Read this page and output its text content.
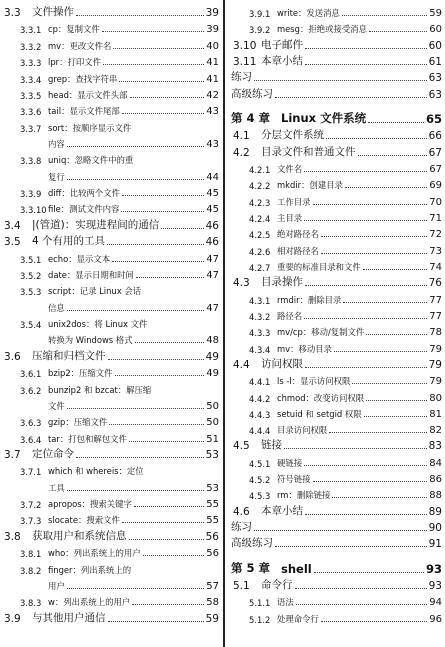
3.3	文件操作	39
3.3.1 cp：复制文件	39
3.3.2 mv：更改文件名	40
3.3.3 lpr：打印文件	41
3.3.4 grep：查找字符串	41
3.3.5 head：显示文件头部	42
3.3.6 tail：显示文件尾部	43
3.3.7 sort：按顺序显示文件
内容	43
3.3.8 uniq：忽略文件中的重
复行	44
3.3.9 diff：比较两个文件	45
3.3.10 file：测试文件内容	45
3.4	|(管道)：实现进程间的通信	46
3.5	4 个有用的工具	46
3.5.1 echo：显示文本	47
3.5.2 date：显示日期和时间	47
3.5.3 script：记录 Linux 会话
信息	47
3.5.4 unix2dos：将 Linux 文件
转换为 Windows 格式	48
3.6	压缩和归档文件	49
3.6.1 bzip2：压缩文件	49
3.6.2 bunzip2 和 bzcat：解压缩
文件	50
3.6.3 gzip：压缩文件	50
3.6.4 tar：打包和解包文件	51
3.7	定位命令	53
3.7.1 which 和 whereis：定位
工具	53
3.7.2 apropos：搜索关键字	55
3.7.3 slocate：搜索文件	55
3.8	获取用户和系统信息	56
3.8.1 who：列出系统上的用户	56
3.8.2 finger：列出系统上的
用户	57
3.8.3 w：列出系统上的用户	58
3.9	与其他用户通信	59
3.9.1 write：发送消息	59
3.9.2 mesg：拒绝或接受消息	60
3.10 电子邮件	60
3.11 本章小结	61
练习	63
高级练习	63
第 4 章 Linux 文件系统	65
4.1	分层文件系统	66
4.2	目录文件和普通文件	67
4.2.1 文件名	67
4.2.2 mkdir：创建目录	69
4.2.3 工作目录	70
4.2.4 主目录	71
4.2.5 绝对路径名	72
4.2.6 相对路径名	73
4.2.7 重要的标准目录和文件	74
4.3	目录操作	76
4.3.1 rmdir：删除目录	77
4.3.2 路径名	77
4.3.3 mv/cp：移动/复制文件	78
4.3.4 mv：移动目录	79
4.4	访问权限	79
4.4.1 ls -l：显示访问权限	79
4.4.2 chmod：改变访问权限	80
4.4.3 setuid 和 setgid 权限	81
4.4.4 目录访问权限	82
4.5	链接	83
4.5.1 硬链接	84
4.5.2 符号链接	86
4.5.3 rm：删除链接	88
4.6	本章小结	89
练习	90
高级练习	91
第 5 章 shell	93
5.1	命令行	93
5.1.1 语法	94
5.1.2 处理命令行	96
